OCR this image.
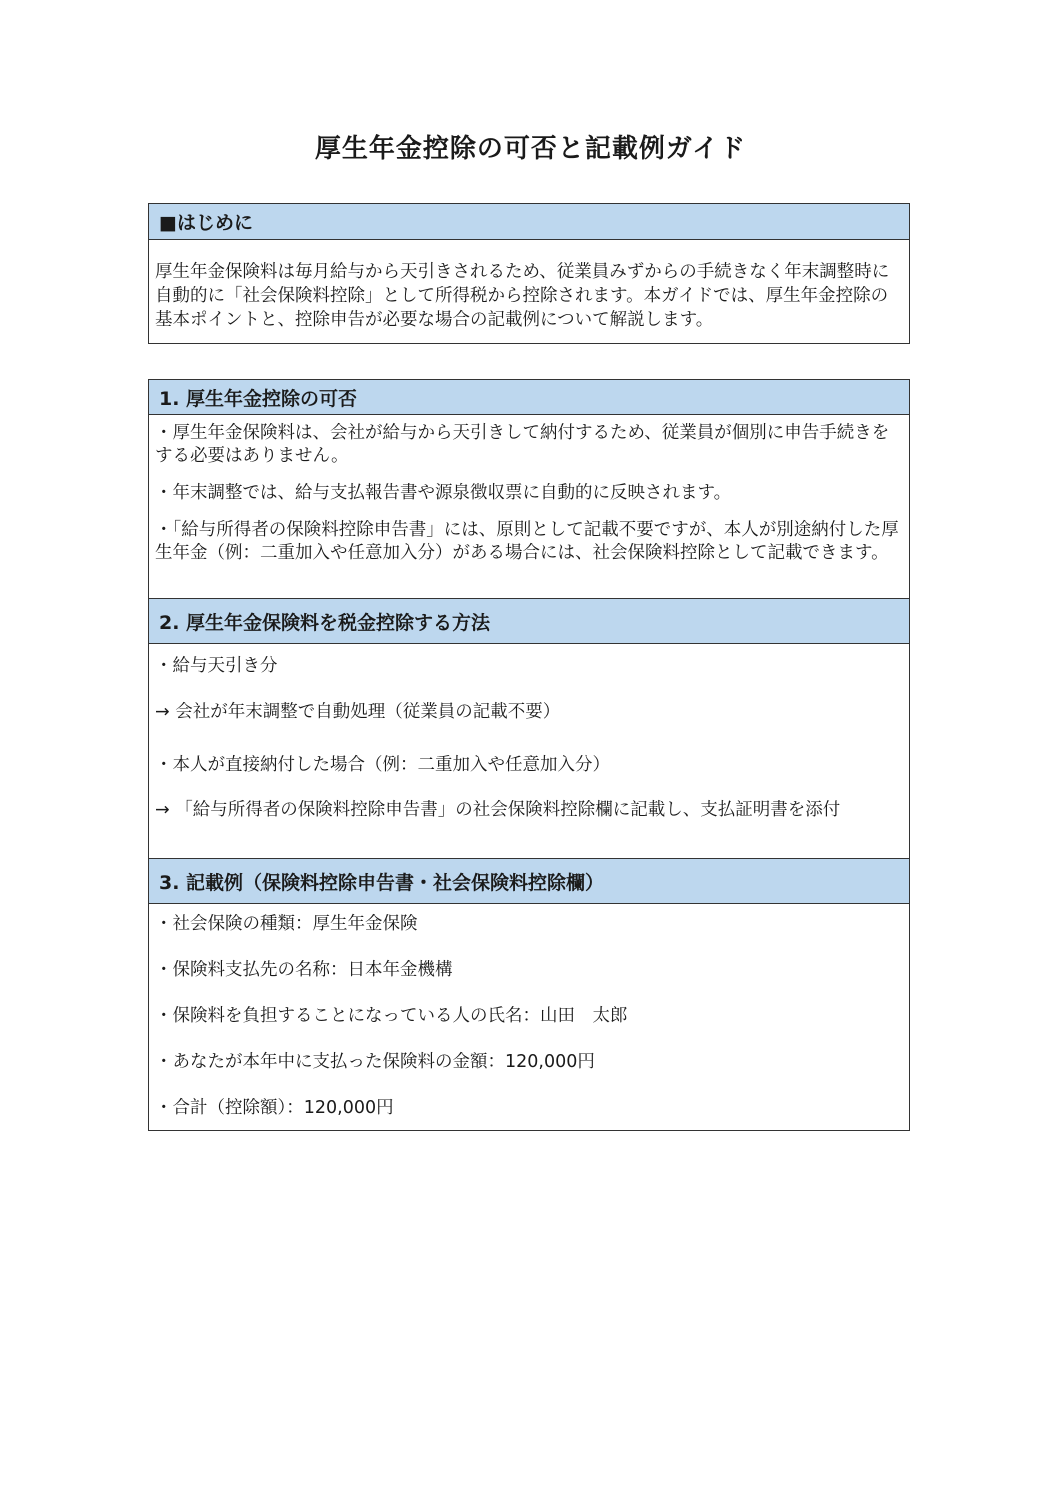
厚生年金控除の可否と記載例ガイド
■はじめに
厚生年金保険料は毎月給与から天引きされるため、従業員みずからの手続きなく年末調整時に自動的に「社会保険料控除」として所得税から控除されます。本ガイドでは、厚生年金控除の基本ポイントと、控除申告が必要な場合の記載例について解説します。
1. 厚生年金控除の可否

・厚生年金保険料は、会社が給与から天引きして納付するため、従業員が個別に申告手続きをする必要はありません。

・年末調整では、給与支払報告書や源泉徴収票に自動的に反映されます。

・「給与所得者の保険料控除申告書」には、原則として記載不要ですが、本人が別途納付した厚生年金（例：二重加入や任意加入分）がある場合には、社会保険料控除として記載できます。

2. 厚生年金保険料を税金控除する方法

・給与天引き分

→ 会社が年末調整で自動処理（従業員の記載不要）

・本人が直接納付した場合（例：二重加入や任意加入分）

→ 「給与所得者の保険料控除申告書」の社会保険料控除欄に記載し、支払証明書を添付

3. 記載例（保険料控除申告書・社会保険料控除欄）

・社会保険の種類：厚生年金保険

・保険料支払先の名称：日本年金機構

・保険料を負担することになっている人の氏名：山田　太郎

・あなたが本年中に支払った保険料の金額：120,000円

・合計（控除額）：120,000円
